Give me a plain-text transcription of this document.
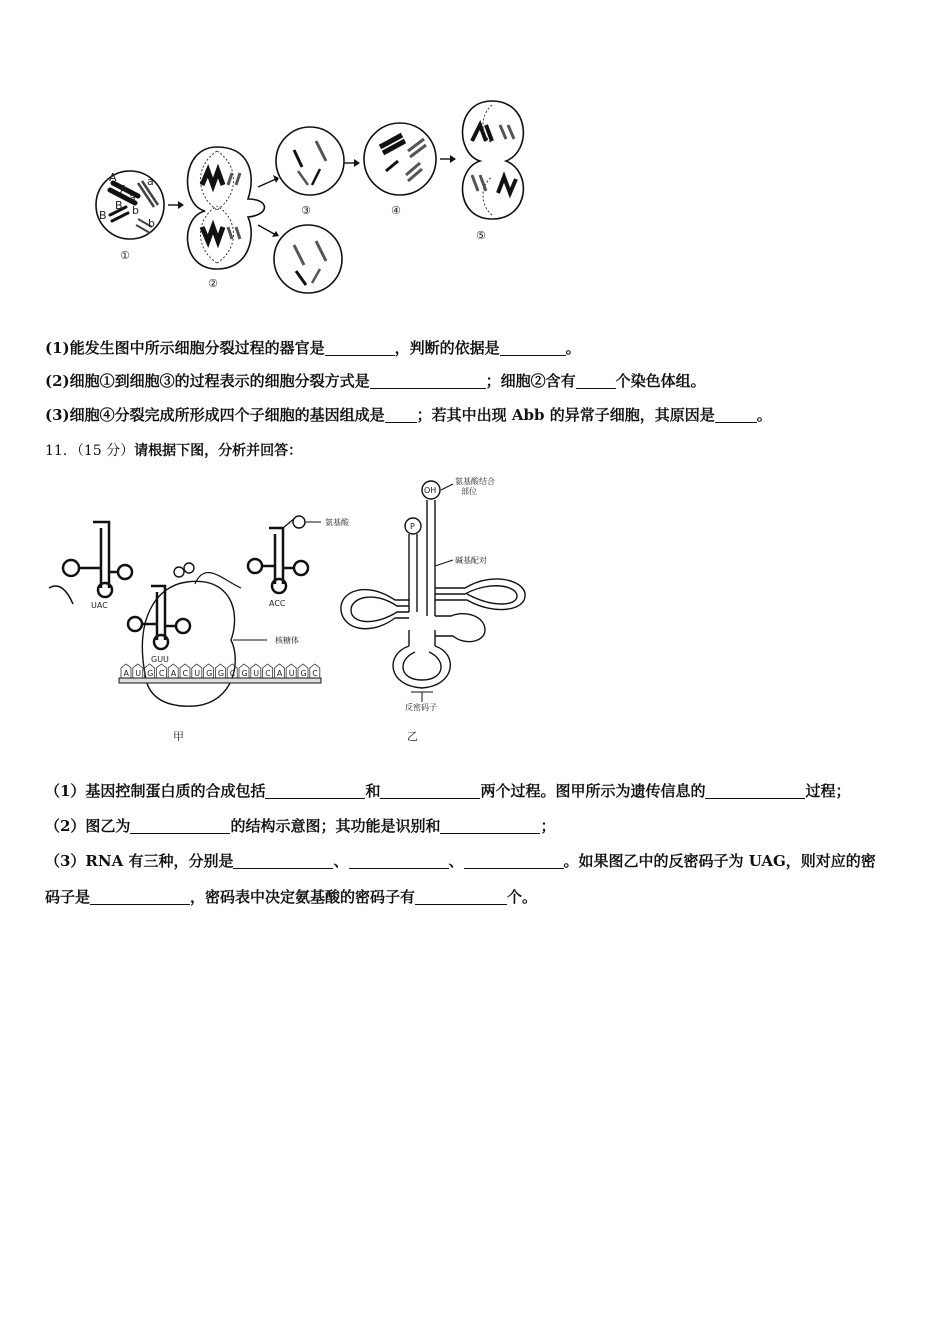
A
A
a
a
B
B b
b
①
②
③	④
⑤
(1)能发生图中所示细胞分裂过程的器官是	，判断的依据是	。
(2)细胞①到细胞③的过程表示的细胞分裂方式是	；细胞②含有	个染色体组。
(3)细胞④分裂完成所形成四个子细胞的基因组成是 ；若其中出现 Abb 的异常子细胞，其原因是	。
11．（15 分）请根据下图，分析并回答：
UAC
GUU
氨基酸
ACC
核糖体
A U G C A C U G G C G U C A U G C
甲
OH
P
氨基酸结合
部位
碱基配对
反密码子
乙
（1）基因控制蛋白质的合成包括	和	两个过程。图甲所示为遗传信息的	过程；
（2）图乙为	的结构示意图；其功能是识别和	；
（3）RNA 有三种，分别是	、	、	。如果图乙中的反密码子为 UAG，则对应的密
码子是	，密码表中决定氨基酸的密码子有	个。
